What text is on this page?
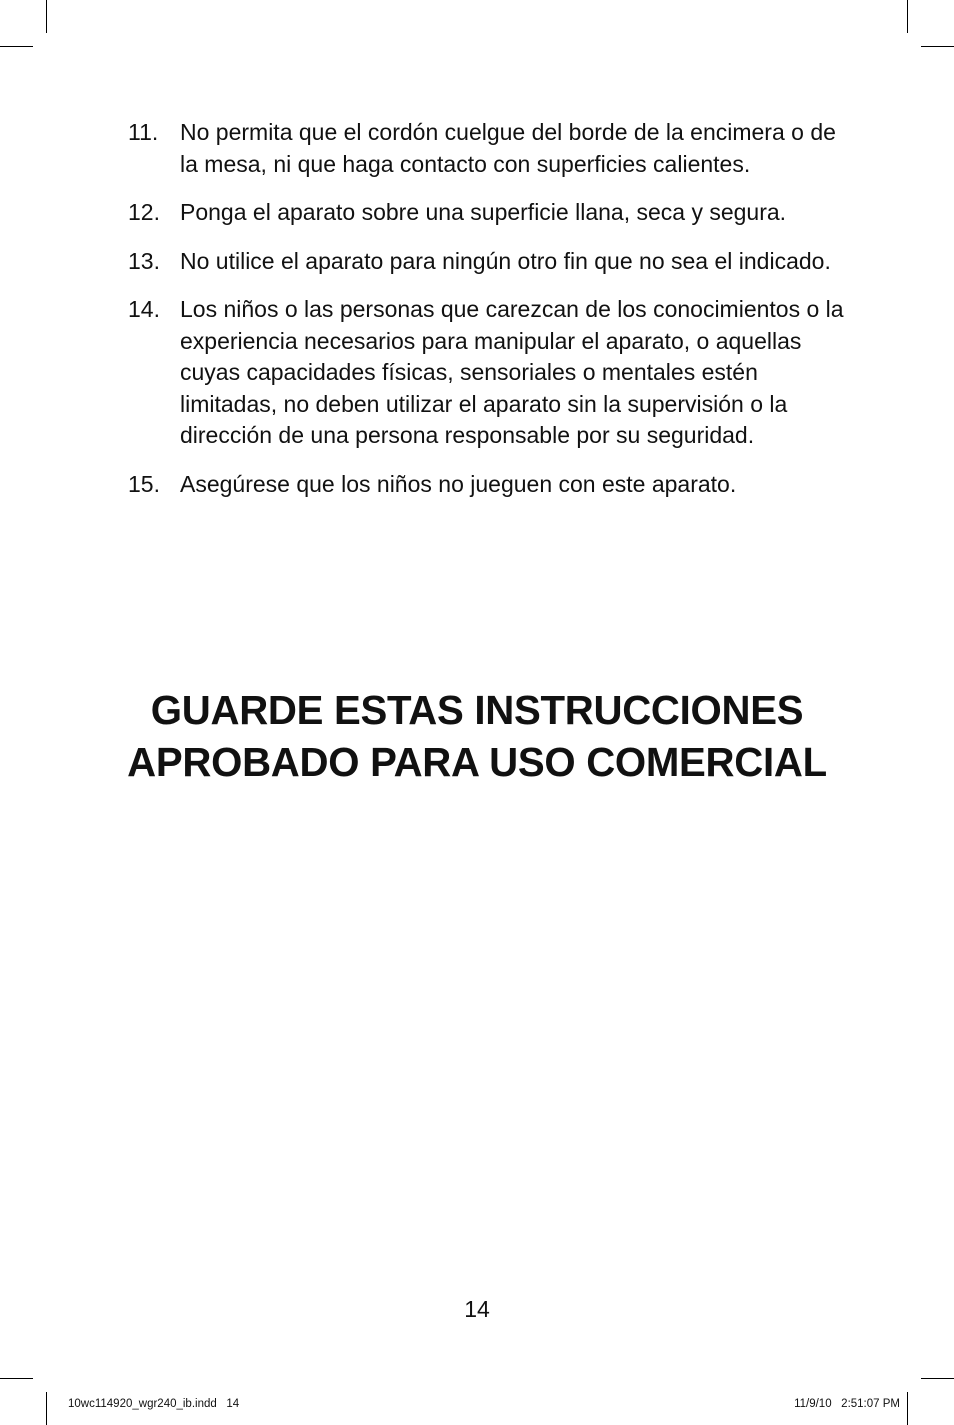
11. No permita que el cordón cuelgue del borde de la encimera o de la mesa, ni que haga contacto con superficies calientes.
12. Ponga el aparato sobre una superficie llana, seca y segura.
13. No utilice el aparato para ningún otro fin que no sea el indicado.
14. Los niños o las personas que carezcan de los conocimientos o la experiencia necesarios para manipular el aparato, o aquellas cuyas capacidades físicas, sensoriales o mentales estén limitadas, no deben utilizar el aparato sin la supervisión o la dirección de una persona responsable por su seguridad.
15. Asegúrese que los niños no jueguen con este aparato.
GUARDE ESTAS INSTRUCCIONES
APROBADO PARA USO COMERCIAL
14
10wc114920_wgr240_ib.indd   14	11/9/10   2:51:07 PM
